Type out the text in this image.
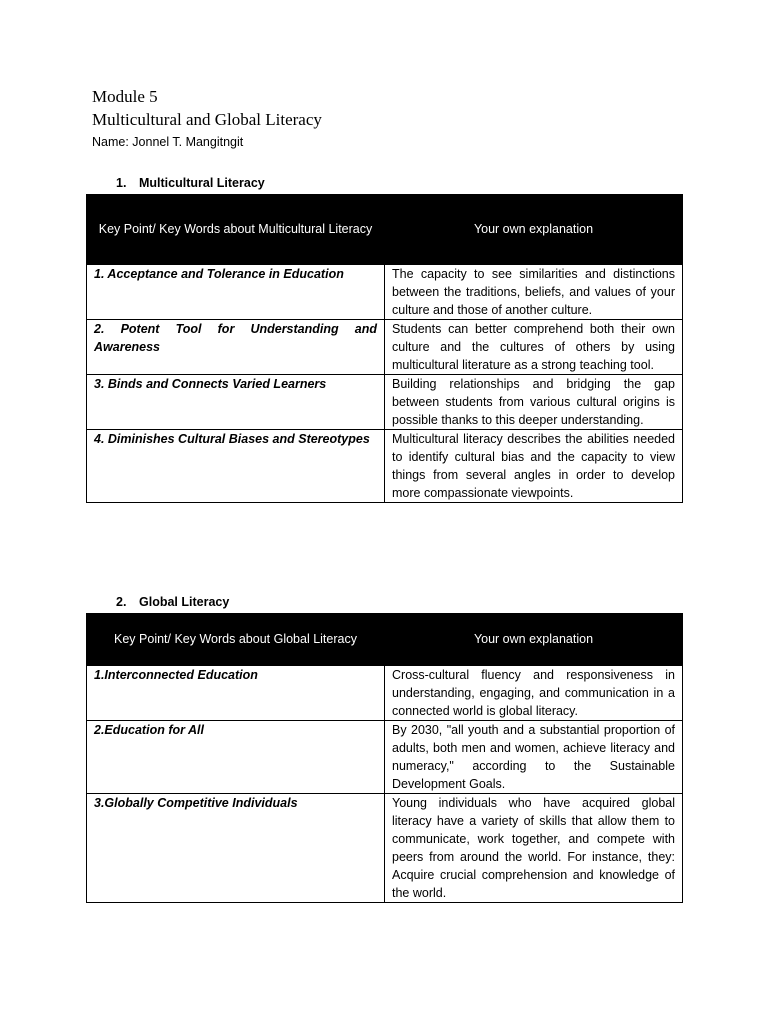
Module 5
Multicultural and Global Literacy
Name: Jonnel T. Mangitngit
1. Multicultural Literacy
Key Point/ Key Words about Multicultural Literacy	Your own explanation
1. Acceptance and Tolerance in Education	The capacity to see similarities and distinctions between the traditions, beliefs, and values of your culture and those of another culture.
2. Potent Tool for Understanding and Awareness	Students can better comprehend both their own culture and the cultures of others by using multicultural literature as a strong teaching tool.
3. Binds and Connects Varied Learners	Building relationships and bridging the gap between students from various cultural origins is possible thanks to this deeper understanding.
4. Diminishes Cultural Biases and Stereotypes	Multicultural literacy describes the abilities needed to identify cultural bias and the capacity to view things from several angles in order to develop more compassionate viewpoints.
2. Global Literacy
Key Point/ Key Words about Global Literacy	Your own explanation
1.Interconnected Education	Cross-cultural fluency and responsiveness in understanding, engaging, and communication in a connected world is global literacy.
2.Education for All	By 2030, "all youth and a substantial proportion of adults, both men and women, achieve literacy and numeracy," according to the Sustainable Development Goals.
3.Globally Competitive Individuals	Young individuals who have acquired global literacy have a variety of skills that allow them to communicate, work together, and compete with peers from around the world. For instance, they: Acquire crucial comprehension and knowledge of the world.
